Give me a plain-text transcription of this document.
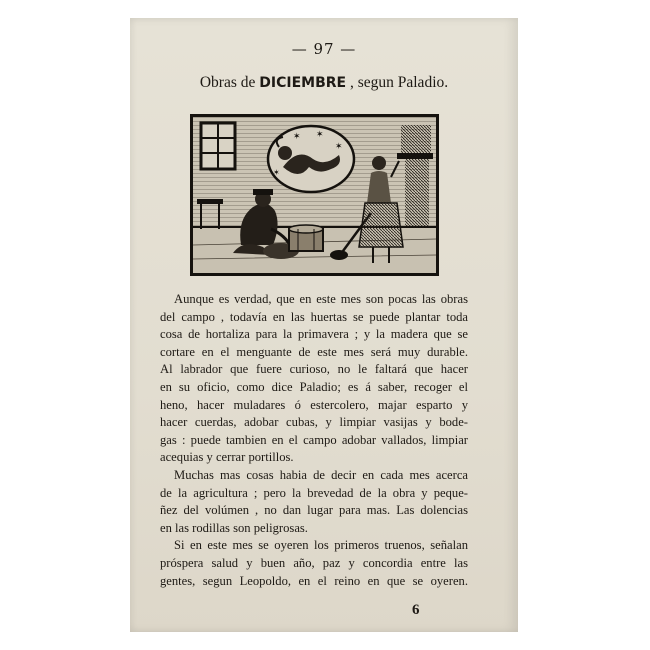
— 97 —
Obras de DICIEMBRE , segun Paladio.
✶ ✶
✶
✶
Aunque es verdad, que en este mes son pocas las obras
del campo , todavía en las huertas se puede plantar toda
cosa de hortaliza para la primavera ; y la madera que se
cortare en el menguante de este mes será muy durable.
Al labrador que fuere curioso, no le faltará que hacer
en su oficio, como dice Paladio; es á saber, recoger el
heno, hacer muladares ó estercolero, majar esparto y
hacer cuerdas, adobar cubas, y limpiar vasijas y bode-
gas : puede tambien en el campo adobar vallados, limpiar
acequias y cerrar portillos.
Muchas mas cosas habia de decir en cada mes acerca
de la agricultura ; pero la brevedad de la obra y peque-
ñez del volúmen , no dan lugar para mas. Las dolencias
en las rodillas son peligrosas.
Si en este mes se oyeren los primeros truenos, señalan
próspera salud y buen año, paz y concordia entre las
gentes, segun Leopoldo, en el reino en que se oyeren.
6
